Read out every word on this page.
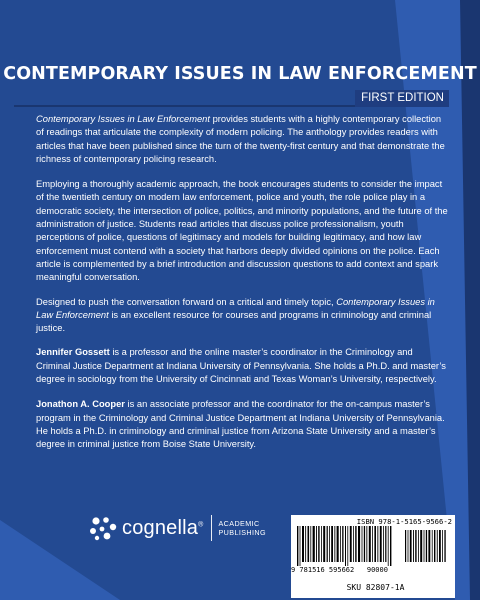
CONTEMPORARY ISSUES IN LAW ENFORCEMENT
FIRST EDITION

Contemporary Issues in Law Enforcement provides students with a highly contemporary collection of readings that articulate the complexity of modern policing. The anthology provides readers with articles that have been published since the turn of the twenty-first century and that demonstrate the richness of contemporary policing research.

Employing a thoroughly academic approach, the book encourages students to consider the impact of the twentieth century on modern law enforcement, police and youth, the role police play in a democratic society, the intersection of police, politics, and minority populations, and the future of the administration of justice. Students read articles that discuss police professionalism, youth perceptions of police, questions of legitimacy and models for building legitimacy, and how law enforcement must contend with a society that harbors deeply divided opinions on the police. Each article is complemented by a brief introduction and discussion questions to add context and spark meaningful conversation.

Designed to push the conversation forward on a critical and timely topic, Contemporary Issues in Law Enforcement is an excellent resource for courses and programs in criminology and criminal justice.

Jennifer Gossett is a professor and the online master’s coordinator in the Criminology and Criminal Justice Department at Indiana University of Pennsylvania. She holds a Ph.D. and master’s degree in sociology from the University of Cincinnati and Texas Woman’s University, respectively.

Jonathon A. Cooper is an associate professor and the coordinator for the on-campus master’s program in the Criminology and Criminal Justice Department at Indiana University of Pennsylvania. He holds a Ph.D. in criminology and criminal justice from Arizona State University and a master’s degree in criminal justice from Boise State University.

cognella® ACADEMIC
PUBLISHING
ISBN 978-1-5165-9566-2
9 781516 595662   90000
SKU 82807-1A
